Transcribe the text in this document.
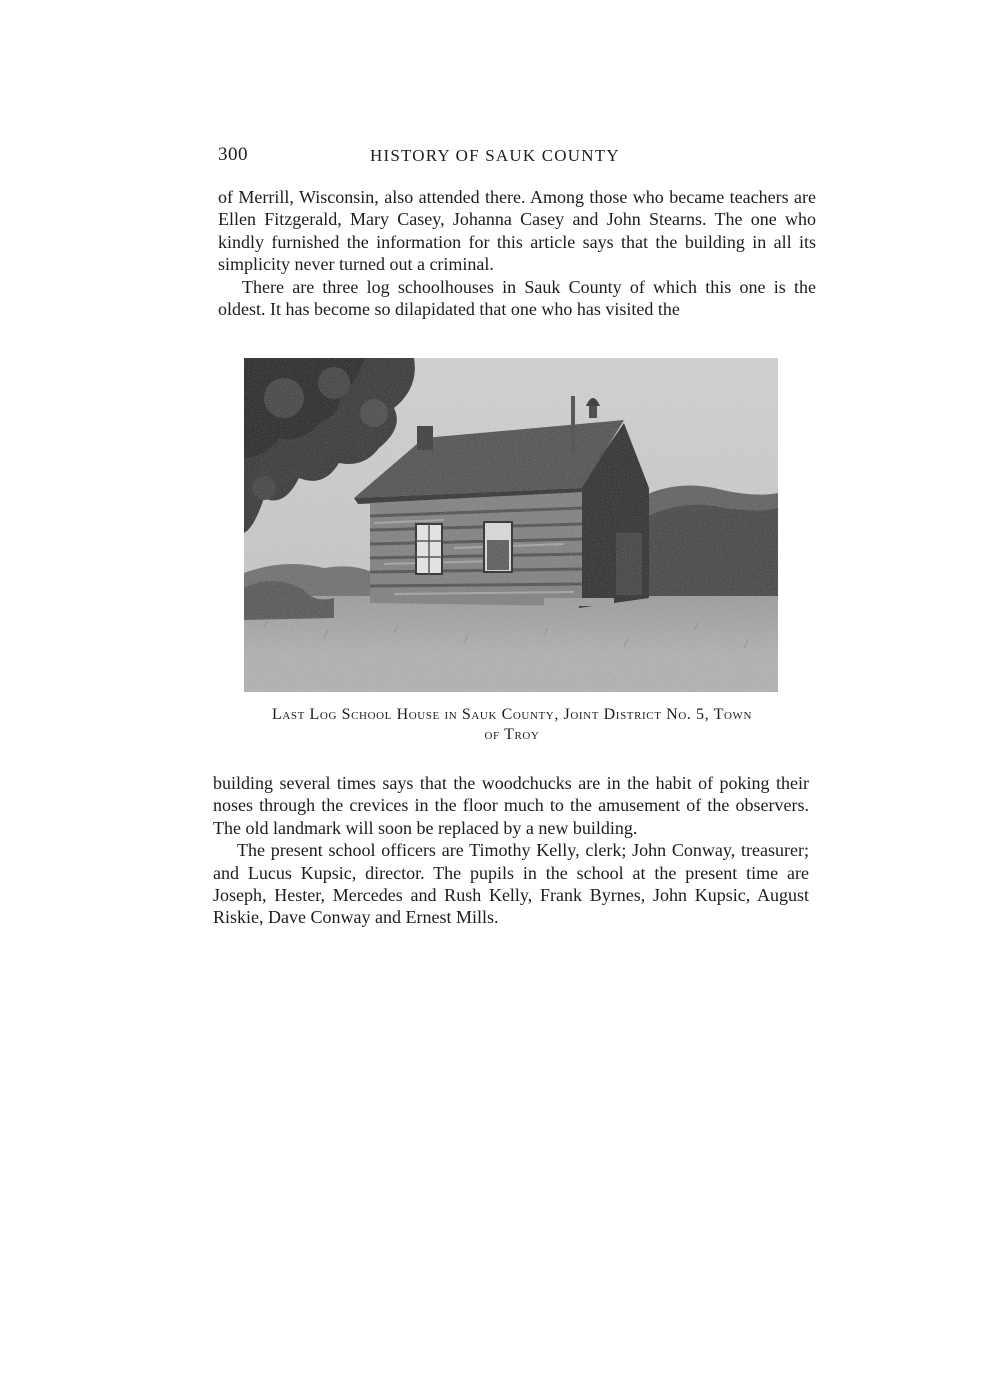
300	HISTORY OF SAUK COUNTY
of Merrill, Wisconsin, also attended there. Among those who became teachers are Ellen Fitzgerald, Mary Casey, Johanna Casey and John Stearns. The one who kindly furnished the information for this article says that the building in all its simplicity never turned out a criminal.
There are three log schoolhouses in Sauk County of which this one is the oldest. It has become so dilapidated that one who has visited the
Last Log School House in Sauk County, Joint District No. 5, Town
of Troy
building several times says that the woodchucks are in the habit of poking their noses through the crevices in the floor much to the amusement of the observers. The old landmark will soon be replaced by a new building.
The present school officers are Timothy Kelly, clerk; John Conway, treasurer; and Lucus Kupsic, director. The pupils in the school at the present time are Joseph, Hester, Mercedes and Rush Kelly, Frank Byrnes, John Kupsic, August Riskie, Dave Conway and Ernest Mills.
